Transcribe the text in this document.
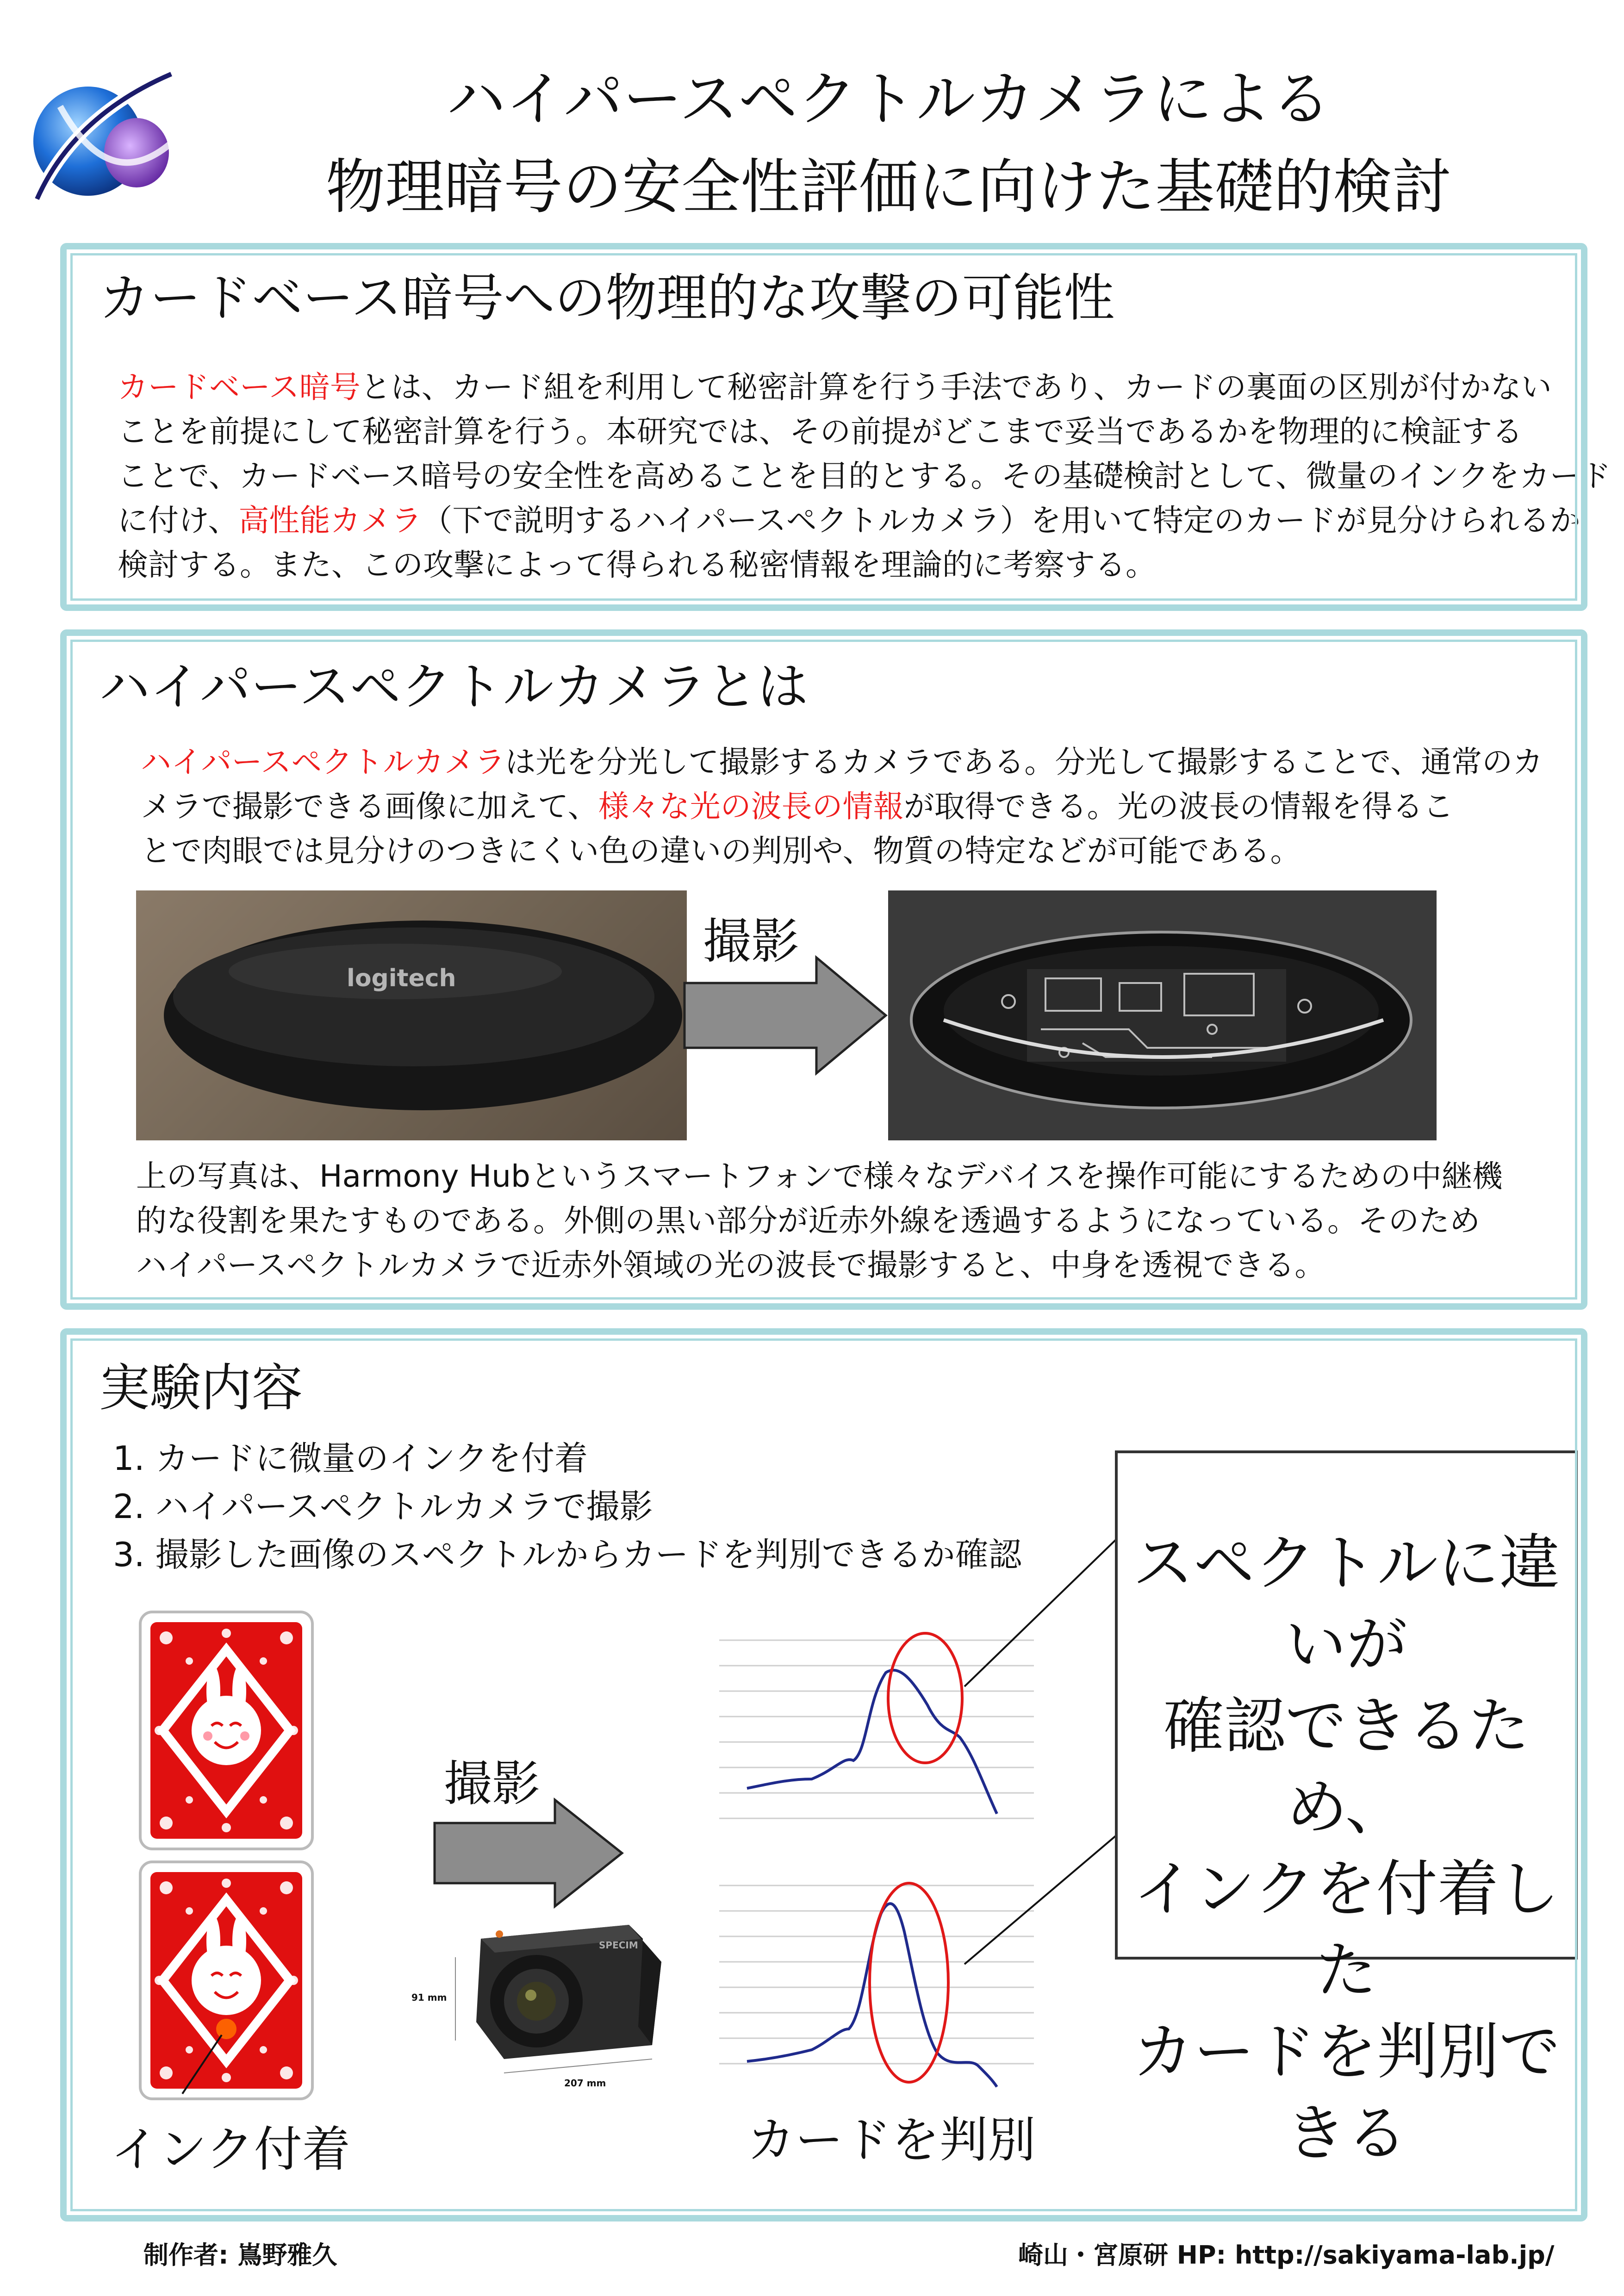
ハイパースペクトルカメラによる
物理暗号の安全性評価に向けた基礎的検討
カードベース暗号への物理的な攻撃の可能性
カードベース暗号とは、カード組を利用して秘密計算を行う手法であり、カードの裏面の区別が付かない
ことを前提にして秘密計算を行う。本研究では、その前提がどこまで妥当であるかを物理的に検証する
ことで、カードベース暗号の安全性を高めることを目的とする。その基礎検討として、微量のインクをカード
に付け、高性能カメラ（下で説明するハイパースペクトルカメラ）を用いて特定のカードが見分けられるか
検討する。また、この攻撃によって得られる秘密情報を理論的に考察する。
ハイパースペクトルカメラとは
ハイパースペクトルカメラは光を分光して撮影するカメラである。分光して撮影することで、通常のカ
メラで撮影できる画像に加えて、様々な光の波長の情報が取得できる。光の波長の情報を得るこ
とで肉眼では見分けのつきにくい色の違いの判別や、物質の特定などが可能である。
logitech
撮影
上の写真は、Harmony Hubというスマートフォンで様々なデバイスを操作可能にするための中継機
的な役割を果たすものである。外側の黒い部分が近赤外線を透過するようになっている。そのため
ハイパースペクトルカメラで近赤外領域の光の波長で撮影すると、中身を透視できる。
実験内容
1. カードに微量のインクを付着
2. ハイパースペクトルカメラで撮影
3. 撮影した画像のスペクトルからカードを判別できるか確認
インク付着
撮影
SPECIM
91 mm
207 mm
カードを判別
スペクトルに違いが
確認できるため、
インクを付着した
カードを判別できる
制作者: 嶌野雅久	崎山・宮原研 HP: http://sakiyama-lab.jp/
